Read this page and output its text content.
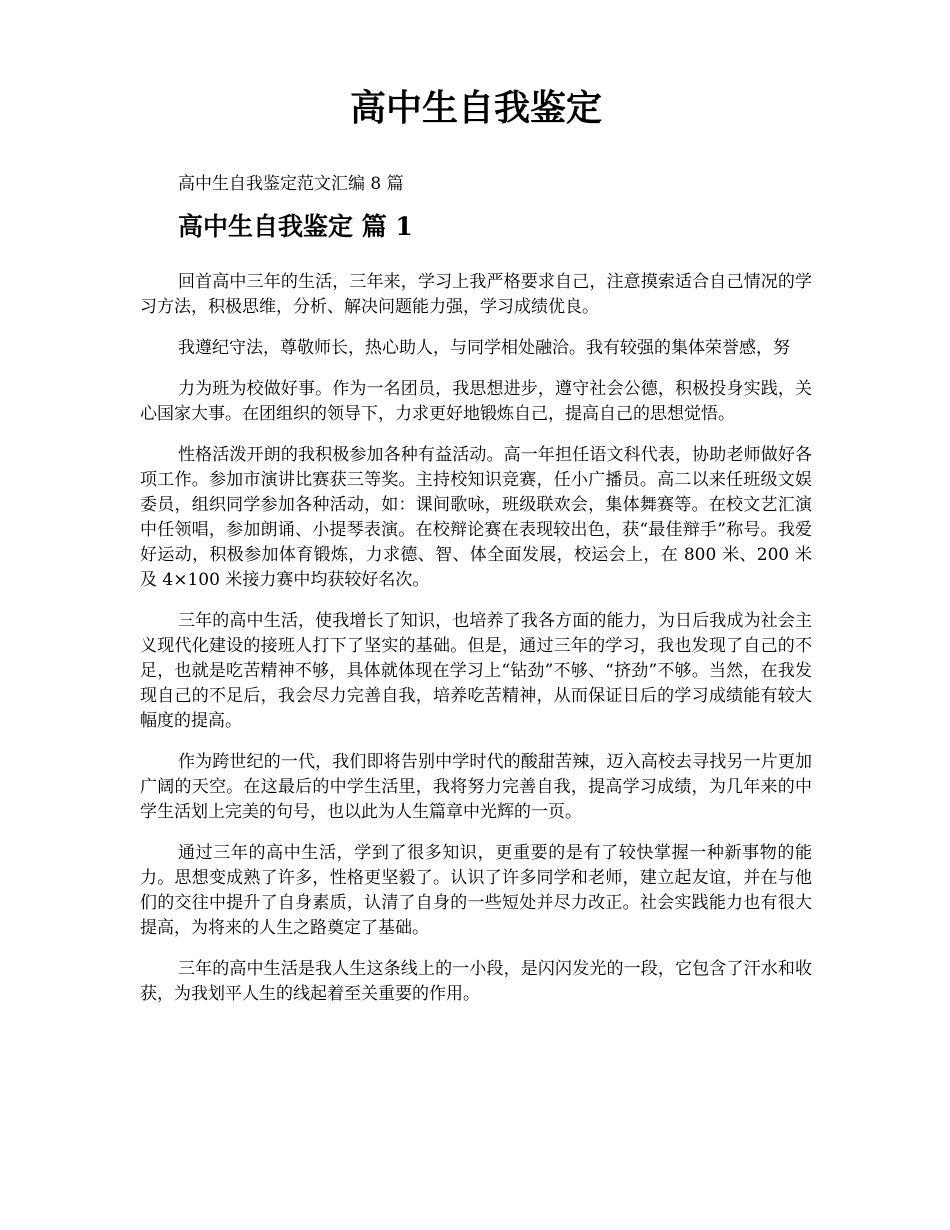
高中生自我鉴定

高中生自我鉴定范文汇编 8 篇

高中生自我鉴定 篇 1

回首高中三年的生活，三年来，学习上我严格要求自己，注意摸索适合自己情况的学习方法，积极思维，分析、解决问题能力强，学习成绩优良。

我遵纪守法，尊敬师长，热心助人，与同学相处融洽。我有较强的集体荣誉感，努

力为班为校做好事。作为一名团员，我思想进步，遵守社会公德，积极投身实践，关心国家大事。在团组织的领导下，力求更好地锻炼自己，提高自己的思想觉悟。

性格活泼开朗的我积极参加各种有益活动。高一年担任语文科代表，协助老师做好各项工作。参加市演讲比赛获三等奖。主持校知识竞赛，任小广播员。高二以来任班级文娱委员，组织同学参加各种活动，如：课间歌咏，班级联欢会，集体舞赛等。在校文艺汇演中任领唱，参加朗诵、小提琴表演。在校辩论赛在表现较出色，获“最佳辩手”称号。我爱好运动，积极参加体育锻炼，力求德、智、体全面发展，校运会上，在 800 米、200 米及 4×100 米接力赛中均获较好名次。

三年的高中生活，使我增长了知识，也培养了我各方面的能力，为日后我成为社会主义现代化建设的接班人打下了坚实的基础。但是，通过三年的学习，我也发现了自己的不足，也就是吃苦精神不够，具体就体现在学习上“钻劲”不够、“挤劲”不够。当然，在我发现自己的不足后，我会尽力完善自我，培养吃苦精神，从而保证日后的学习成绩能有较大幅度的提高。

作为跨世纪的一代，我们即将告别中学时代的酸甜苦辣，迈入高校去寻找另一片更加广阔的天空。在这最后的中学生活里，我将努力完善自我，提高学习成绩，为几年来的中学生活划上完美的句号，也以此为人生篇章中光辉的一页。

通过三年的高中生活，学到了很多知识，更重要的是有了较快掌握一种新事物的能力。思想变成熟了许多，性格更坚毅了。认识了许多同学和老师，建立起友谊，并在与他们的交往中提升了自身素质，认清了自身的一些短处并尽力改正。社会实践能力也有很大提高，为将来的人生之路奠定了基础。

三年的高中生活是我人生这条线上的一小段，是闪闪发光的一段，它包含了汗水和收获，为我划平人生的线起着至关重要的作用。
